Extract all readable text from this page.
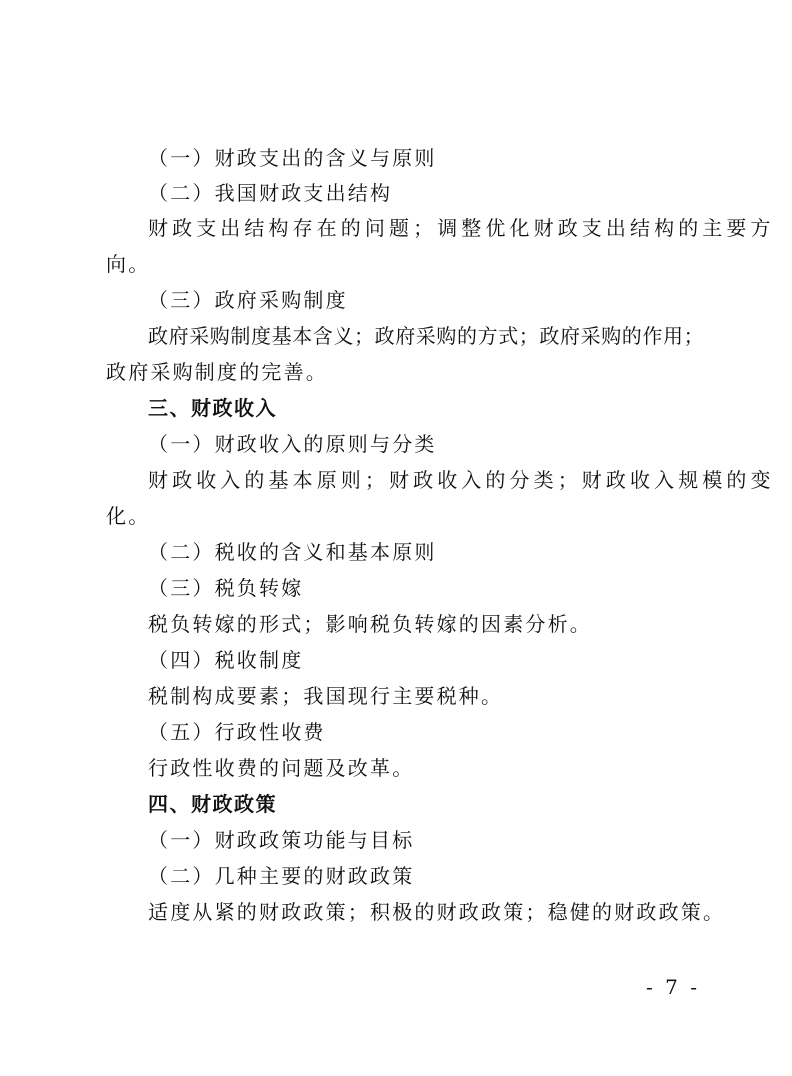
（一）财政支出的含义与原则
（二）我国财政支出结构
财政支出结构存在的问题；调整优化财政支出结构的主要方
向。
（三）政府采购制度
政府采购制度基本含义；政府采购的方式；政府采购的作用；
政府采购制度的完善。
三、财政收入
（一）财政收入的原则与分类
财政收入的基本原则；财政收入的分类；财政收入规模的变
化。
（二）税收的含义和基本原则
（三）税负转嫁
税负转嫁的形式；影响税负转嫁的因素分析。
（四）税收制度
税制构成要素；我国现行主要税种。
（五）行政性收费
行政性收费的问题及改革。
四、财政政策
（一）财政政策功能与目标
（二）几种主要的财政政策
适度从紧的财政政策；积极的财政政策；稳健的财政政策。
- 7 -
